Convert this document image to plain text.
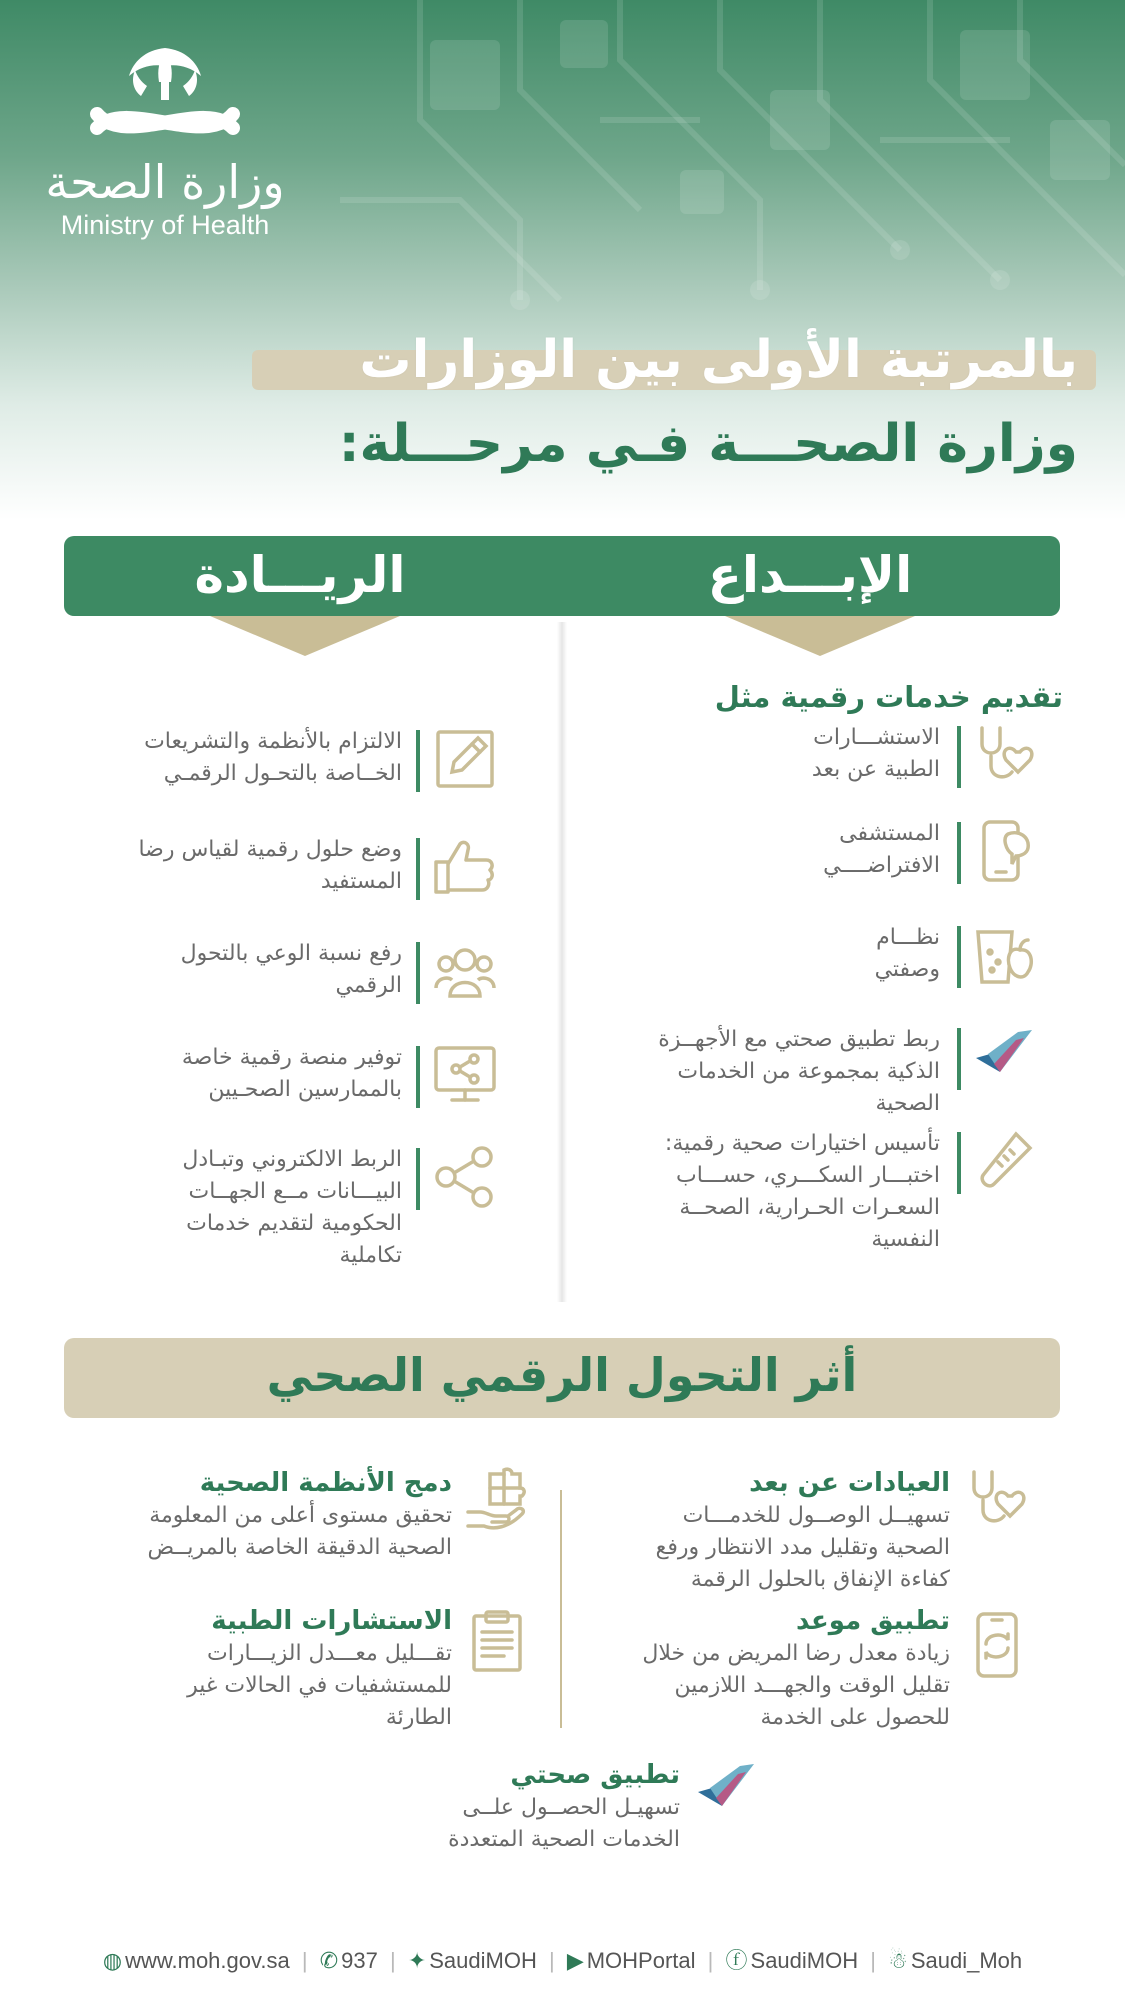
وزارة الصحة
Ministry of Health
بالمرتبة الأولى بين الوزارات
وزارة الصحـــة فـي مرحـــلة:
الإبـــداع
الريـــادة
تقديم خدمات رقمية مثل
الاستشـــارات
الطبية عن بعد
المستشفى
الافتراضــــي
نظـــام
وصفتي
ربط تطبيق صحتي مع الأجهــزة
الذكية بمجموعة من الخدمات
الصحية
تأسيس اختيارات صحية رقمية:
اختبـــار السكـــري، حســـاب
السعـرات الحـرارية، الصحــة
النفسية
الالتزام بالأنظمة والتشريعات
الخــاصة بالتحـول الرقمـي
وضع حلول رقمية لقياس رضا
المستفيد
رفع نسبة الوعي بالتحول
الرقمي
توفير منصة رقمية خاصة
بالممارسين الصحـيين
الربط الالكتروني وتبـادل
البيـــانات مــع الجهــات
الحكومية لتقديم خدمات
تكاملية
أثر التحول الرقمي الصحي
العيادات عن بعد
تسهيــل الوصــول للخدمـــات
الصحية وتقليل مدد الانتظار ورفع
كفاءة الإنفاق بالحلول الرقمة
دمج الأنظمة الصحية
تحقيق مستوى أعلى من المعلومة
الصحية الدقيقة الخاصة بالمريــض
تطبيق موعد
زيادة معدل رضا المريض من خلال
تقليل الوقت والجهـــد اللازمين
للحصول على الخدمة
الاستشارات الطبية
تقـــليل معـــدل الزيـــارات
للمستشفيات في الحالات غير
الطارئة
تطبيق صحتي
تسهيـل الحصــول علــى
الخدمات الصحية المتعددة
◍ www.moh.gov.sa | ✆ 937 | ✦ SaudiMOH | ▶ MOHPortal | ⓕ SaudiMOH | ☃ Saudi_Moh
